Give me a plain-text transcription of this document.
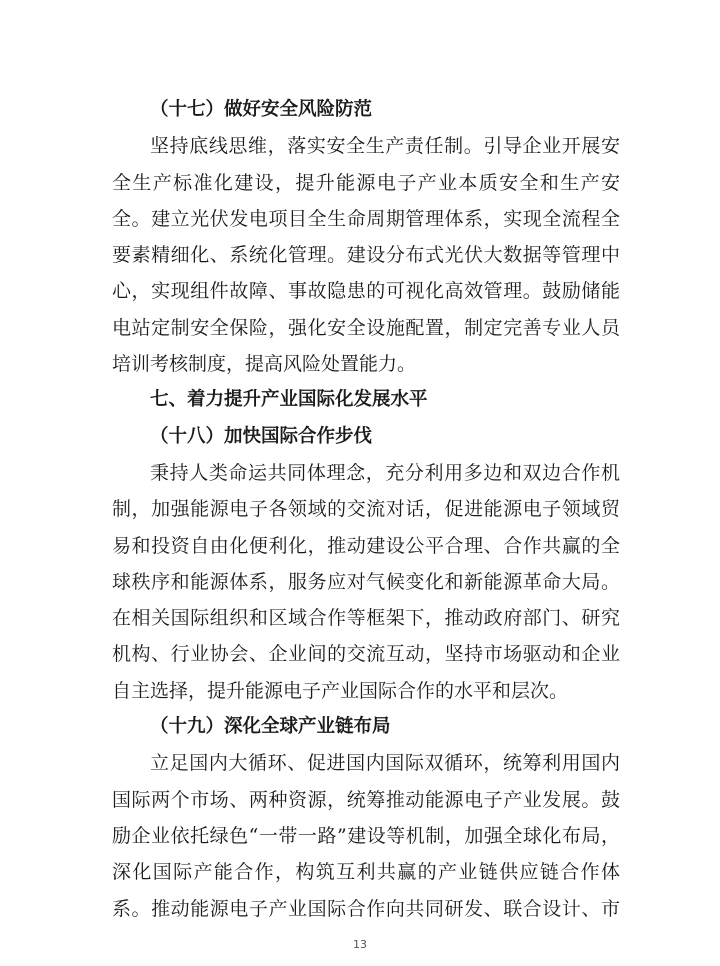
（十七）做好安全风险防范
坚持底线思维，落实安全生产责任制。引导企业开展安
全生产标准化建设，提升能源电子产业本质安全和生产安
全。建立光伏发电项目全生命周期管理体系，实现全流程全
要素精细化、系统化管理。建设分布式光伏大数据等管理中
心，实现组件故障、事故隐患的可视化高效管理。鼓励储能
电站定制安全保险，强化安全设施配置，制定完善专业人员
培训考核制度，提高风险处置能力。
七、着力提升产业国际化发展水平
（十八）加快国际合作步伐
秉持人类命运共同体理念，充分利用多边和双边合作机
制，加强能源电子各领域的交流对话，促进能源电子领域贸
易和投资自由化便利化，推动建设公平合理、合作共赢的全
球秩序和能源体系，服务应对气候变化和新能源革命大局。
在相关国际组织和区域合作等框架下，推动政府部门、研究
机构、行业协会、企业间的交流互动，坚持市场驱动和企业
自主选择，提升能源电子产业国际合作的水平和层次。
（十九）深化全球产业链布局
立足国内大循环、促进国内国际双循环，统筹利用国内
国际两个市场、两种资源，统筹推动能源电子产业发展。鼓
励企业依托绿色“一带一路”建设等机制，加强全球化布局，
深化国际产能合作，构筑互利共赢的产业链供应链合作体
系。推动能源电子产业国际合作向共同研发、联合设计、市
13
